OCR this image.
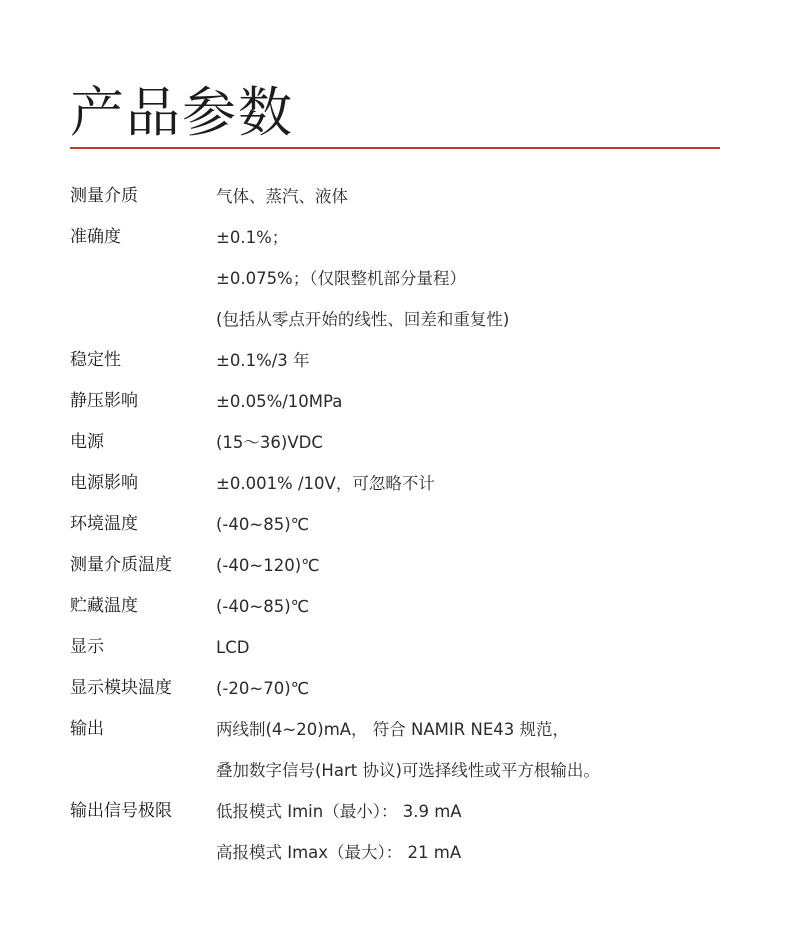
产品参数
测量介质	气体、蒸汽、液体

准确度	±0.1%；
±0.075%；（仅限整机部分量程）
(包括从零点开始的线性、回差和重复性)

稳定性	±0.1%/3 年

静压影响	±0.05%/10MPa

电源	(15～36)VDC

电源影响	±0.001% /10V，可忽略不计

环境温度	(-40~85)℃

测量介质温度	(-40~120)℃

贮藏温度	(-40~85)℃

显示	LCD

显示模块温度	(-20~70)℃

输出	两线制(4~20)mA， 符合 NAMIR NE43 规范，
叠加数字信号(Hart 协议)可选择线性或平方根输出。

输出信号极限	低报模式 Imin（最小）： 3.9 mA
高报模式 Imax（最大）： 21 mA
